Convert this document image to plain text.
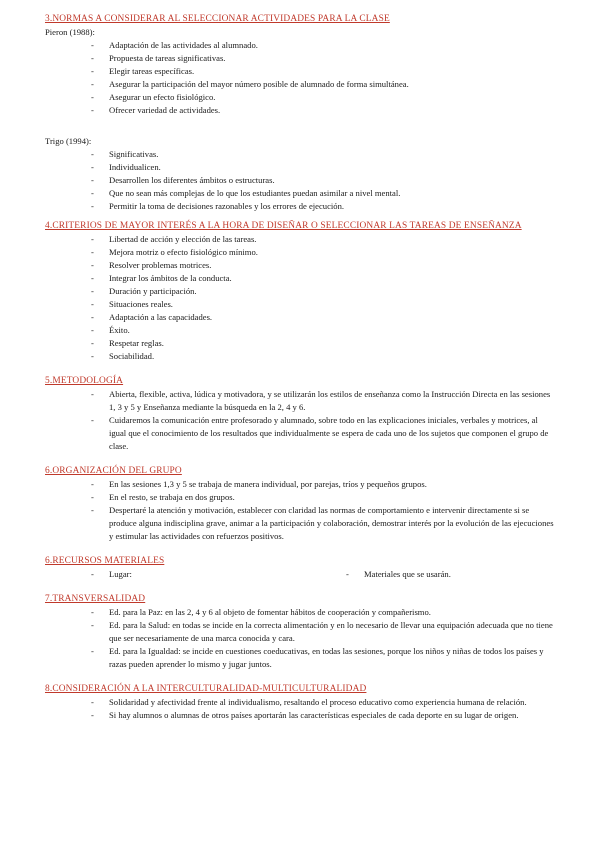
3.NORMAS A CONSIDERAR AL SELECCIONAR ACTIVIDADES PARA LA CLASE

Pieron (1988):

- Adaptación de las actividades al alumnado.
- Propuesta de tareas significativas.
- Elegir tareas específicas.
- Asegurar la participación del mayor número posible de alumnado de forma simultánea.
- Asegurar un efecto fisiológico.
- Ofrecer variedad de actividades.

Trigo (1994):

- Significativas.
- Individualicen.
- Desarrollen los diferentes ámbitos o estructuras.
- Que no sean más complejas de lo que los estudiantes puedan asimilar a nivel mental.
- Permitir la toma de decisiones razonables y los errores de ejecución.

4.CRITERIOS DE MAYOR INTERÉS A LA HORA DE DISEÑAR O SELECCIONAR LAS TAREAS DE ENSEÑANZA

- Libertad de acción y elección de las tareas.
- Mejora motriz o efecto fisiológico mínimo.
- Resolver problemas motrices.
- Integrar los ámbitos de la conducta.
- Duración y participación.
- Situaciones reales.
- Adaptación a las capacidades.
- Éxito.
- Respetar reglas.
- Sociabilidad.

5.METODOLOGÍA

- Abierta, flexible, activa, lúdica y motivadora, y se utilizarán los estilos de enseñanza como la Instrucción Directa en las sesiones 1, 3 y 5 y Enseñanza mediante la búsqueda en la 2, 4 y 6.
- Cuidaremos la comunicación entre profesorado y alumnado, sobre todo en las explicaciones iniciales, verbales y motrices, al igual que el conocimiento de los resultados que individualmente se espera de cada uno de los sujetos que componen el grupo de clase.

6.ORGANIZACIÓN DEL GRUPO

- En las sesiones 1,3 y 5 se trabaja de manera individual, por parejas, tríos y pequeños grupos.
- En el resto, se trabaja en dos grupos.
- Despertaré la atención y motivación, establecer con claridad las normas de comportamiento e intervenir directamente si se produce alguna indisciplina grave, animar a la participación y colaboración, demostrar interés por la evolución de las ejecuciones y estimular las actividades con refuerzos positivos.

6.RECURSOS MATERIALES

- Lugar:
-	Materiales que se usarán.

7.TRANSVERSALIDAD

- Ed. para la Paz: en las 2, 4 y 6 al objeto de fomentar hábitos de cooperación y compañerismo.
- Ed. para la Salud: en todas se incide en la correcta alimentación y en lo necesario de llevar una equipación adecuada que no tiene que ser necesariamente de una marca conocida y cara.
- Ed. para la Igualdad: se incide en cuestiones coeducativas, en todas las sesiones, porque los niños y niñas de todos los países y razas pueden aprender lo mismo y jugar juntos.

8.CONSIDERACIÓN A LA INTERCULTURALIDAD-MULTICULTURALIDAD

- Solidaridad y afectividad frente al individualismo, resaltando el proceso educativo como experiencia humana de relación.
- Si hay alumnos o alumnas de otros países aportarán las características especiales de cada deporte en su lugar de origen.
